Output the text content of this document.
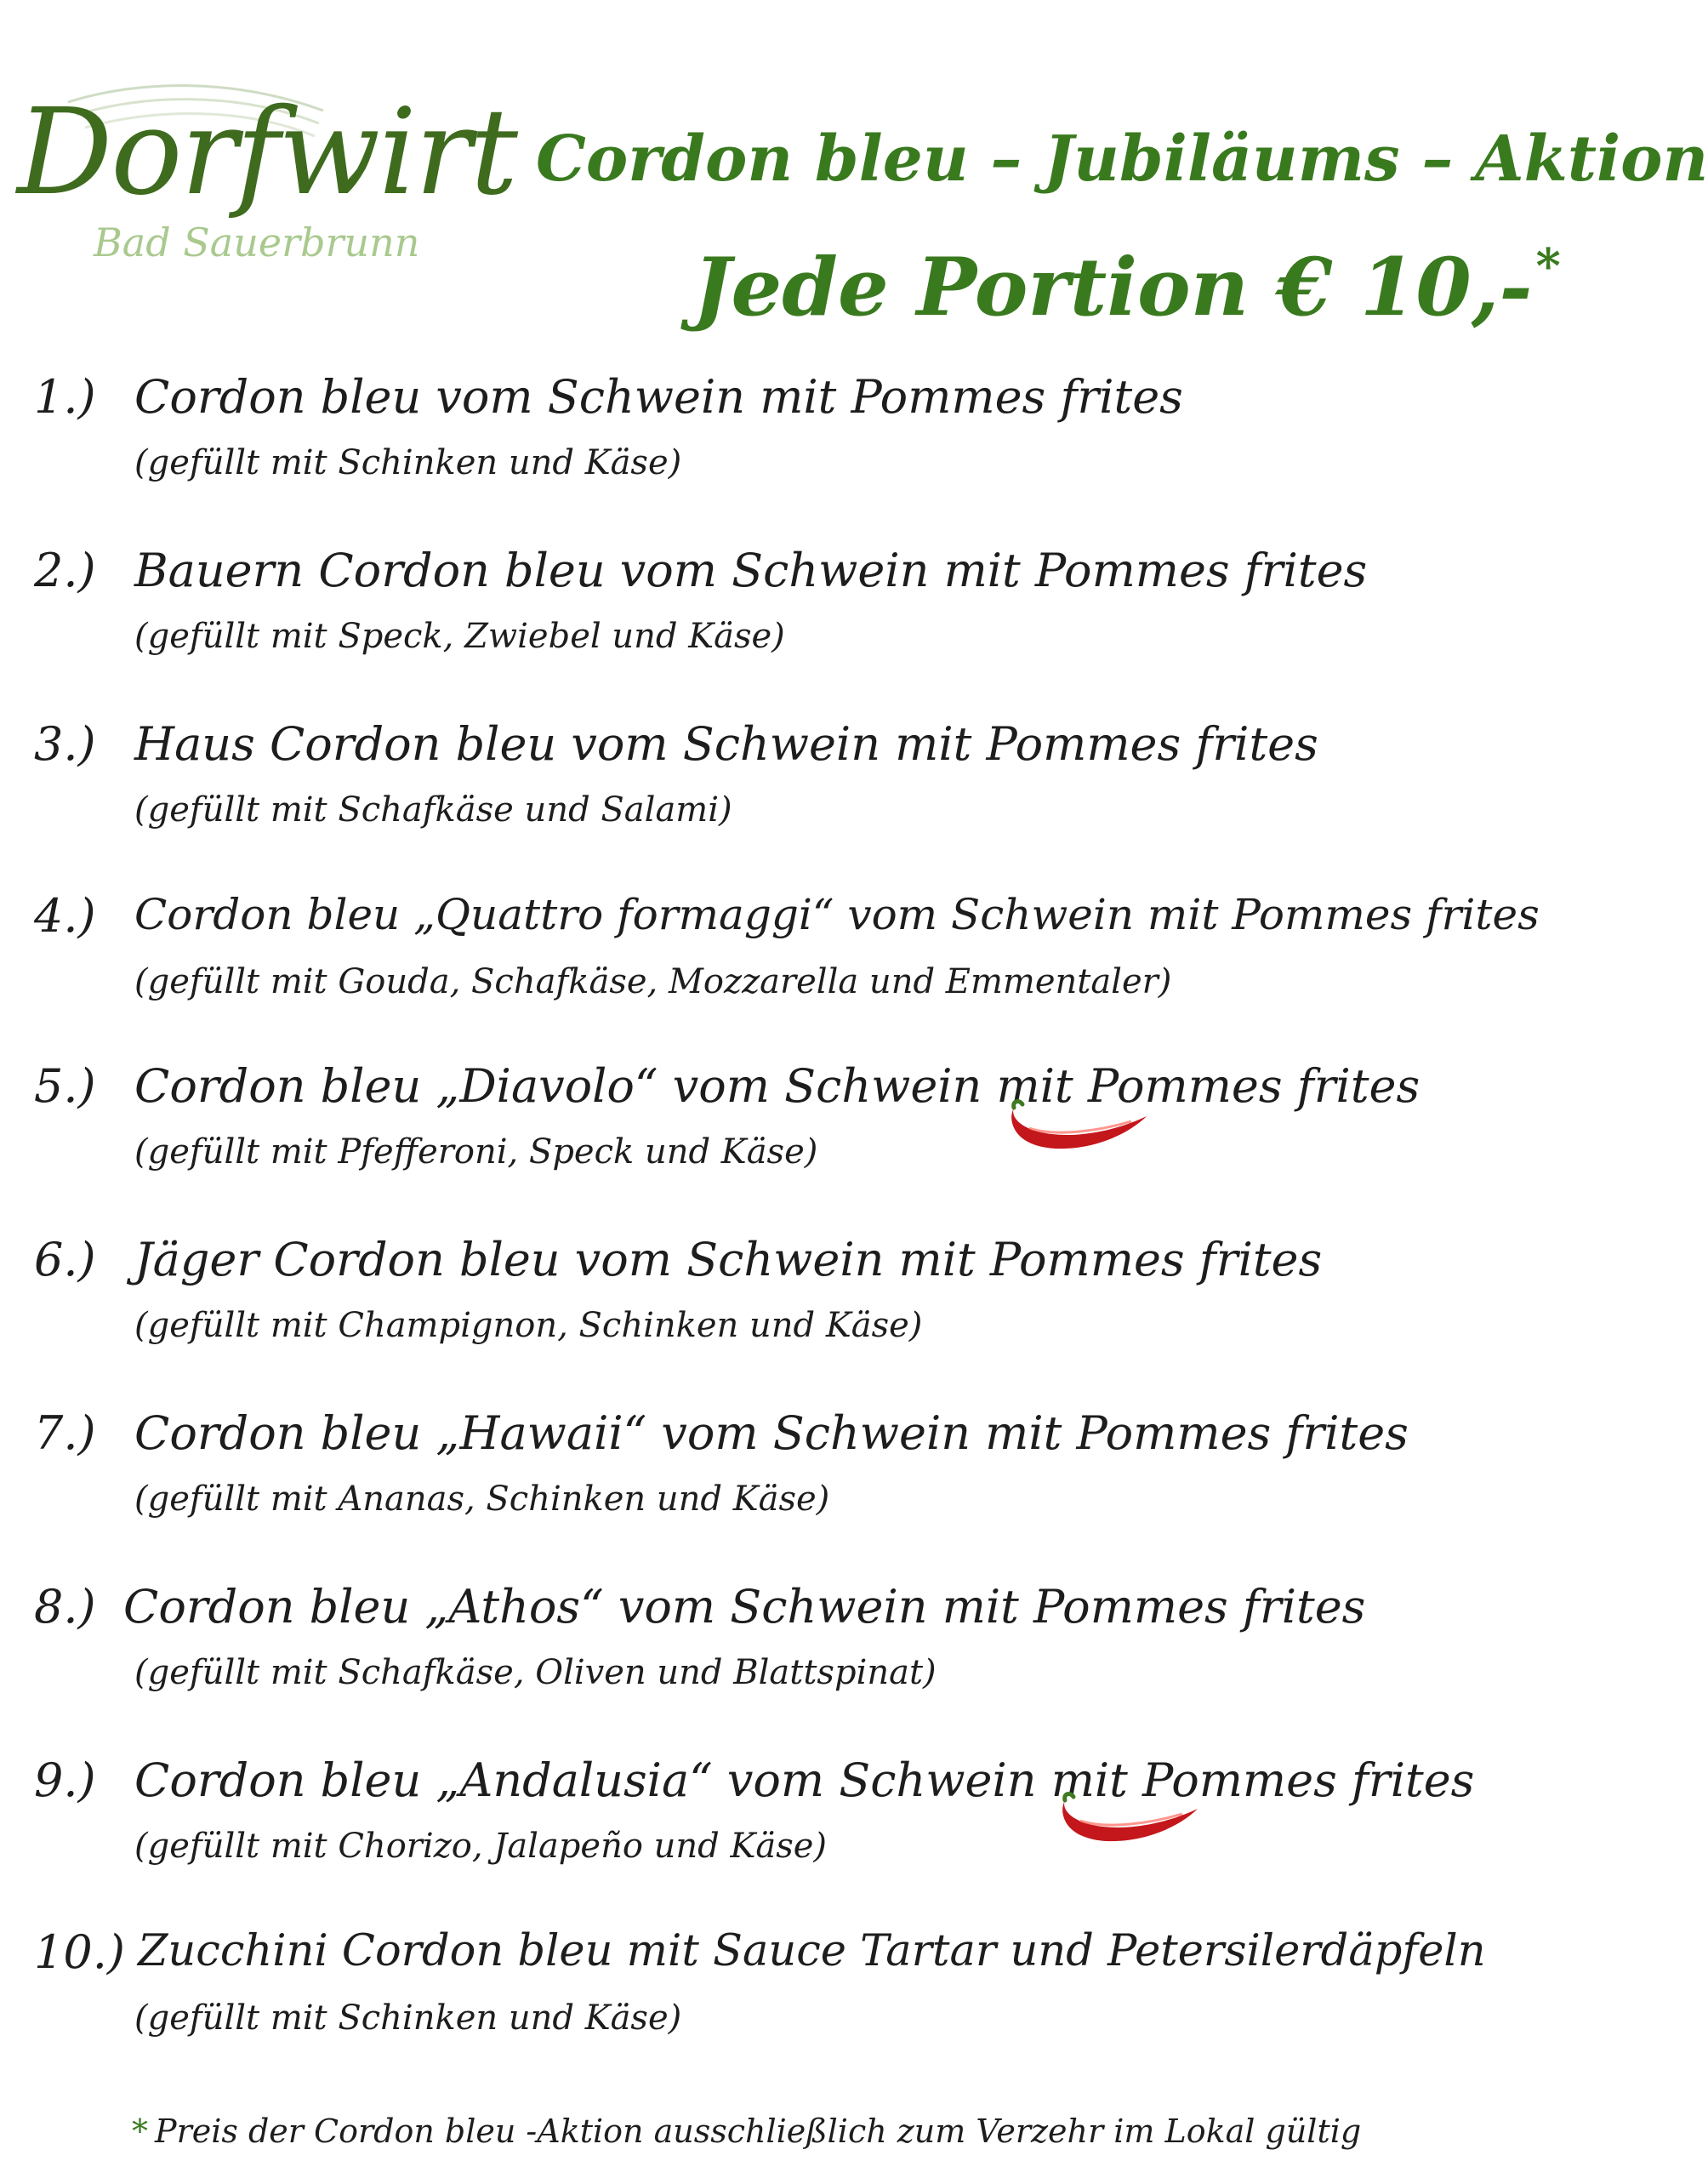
Dorfwirt
Bad Sauerbrunn
Cordon bleu – Jubiläums – Aktion
Jede Portion € 10,-*
1.) Cordon bleu vom Schwein mit Pommes frites
(gefüllt mit Schinken und Käse)
2.) Bauern Cordon bleu vom Schwein mit Pommes frites
(gefüllt mit Speck, Zwiebel und Käse)
3.) Haus Cordon bleu vom Schwein mit Pommes frites
(gefüllt mit Schafkäse und Salami)
4.) Cordon bleu „Quattro formaggi“ vom Schwein mit Pommes frites
(gefüllt mit Gouda, Schafkäse, Mozzarella und Emmentaler)
5.) Cordon bleu „Diavolo“ vom Schwein mit Pommes frites
(gefüllt mit Pfefferoni, Speck und Käse)
6.) Jäger Cordon bleu vom Schwein mit Pommes frites
(gefüllt mit Champignon, Schinken und Käse)
7.) Cordon bleu „Hawaii“ vom Schwein mit Pommes frites
(gefüllt mit Ananas, Schinken und Käse)
8.) Cordon bleu „Athos“ vom Schwein mit Pommes frites
(gefüllt mit Schafkäse, Oliven und Blattspinat)
9.) Cordon bleu „Andalusia“ vom Schwein mit Pommes frites
(gefüllt mit Chorizo, Jalapeño und Käse)
10.) Zucchini Cordon bleu mit Sauce Tartar und Petersilerdäpfeln
(gefüllt mit Schinken und Käse)
* Preis der Cordon bleu -Aktion ausschließlich zum Verzehr im Lokal gültig
